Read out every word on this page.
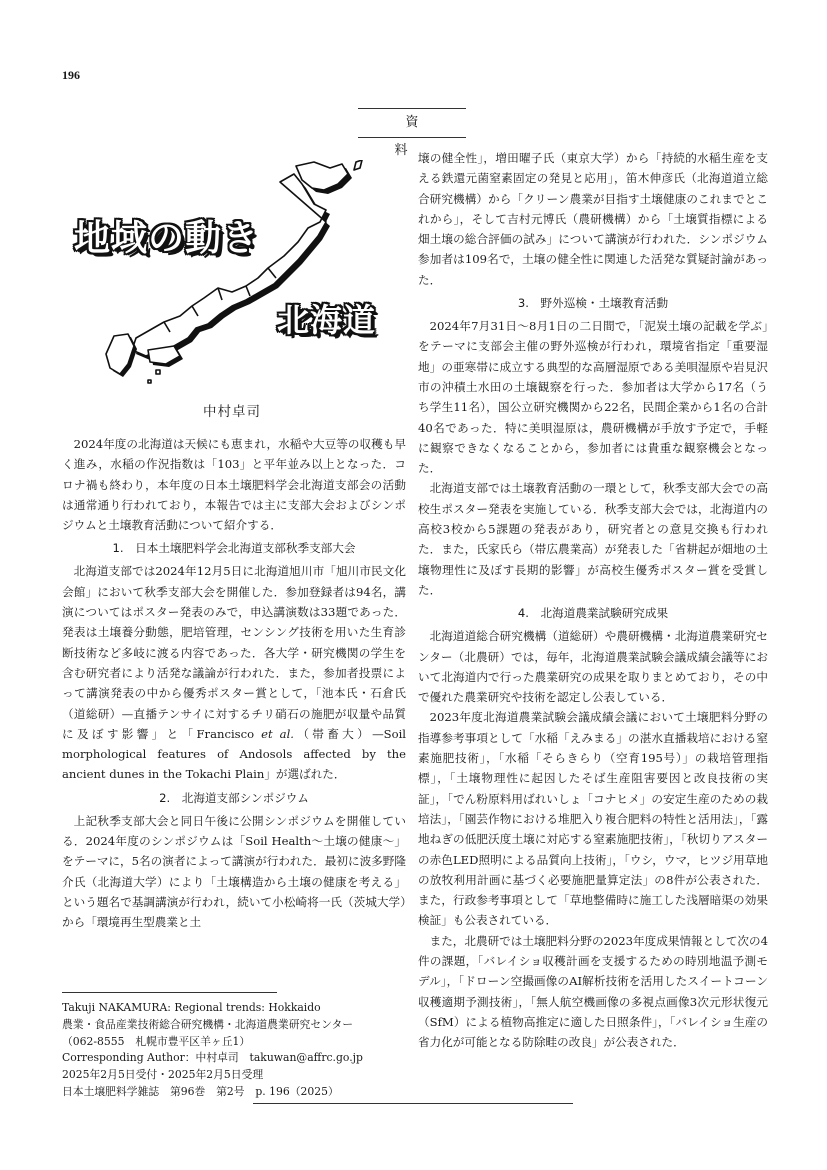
196
資　料
地域の動き
北海道
中村卓司

2024年度の北海道は天候にも恵まれ，水稲や大豆等の収穫も早く進み，水稲の作況指数は「103」と平年並み以上となった．コロナ禍も終わり，本年度の日本土壌肥料学会北海道支部会の活動は通常通り行われており，本報告では主に支部大会およびシンポジウムと土壌教育活動について紹介する．

1.　日本土壌肥料学会北海道支部秋季支部大会

北海道支部では2024年12月5日に北海道旭川市「旭川市民文化会館」において秋季支部大会を開催した．参加登録者は94名，講演についてはポスター発表のみで，申込講演数は33題であった．発表は土壌養分動態，肥培管理，センシング技術を用いた生育診断技術など多岐に渡る内容であった．各大学・研究機関の学生を含む研究者により活発な議論が行われた．また，参加者投票によって講演発表の中から優秀ポスター賞として，「池本氏・石倉氏（道総研）—直播テンサイに対するチリ硝石の施肥が収量や品質に及ぼす影響」と「Francisco et al.（帯畜大）—Soil morphological features of Andosols affected by the ancient dunes in the Tokachi Plain」が選ばれた．

2.　北海道支部シンポジウム

上記秋季支部大会と同日午後に公開シンポジウムを開催している．2024年度のシンポジウムは「Soil Health〜土壌の健康〜」をテーマに，5名の演者によって講演が行われた．最初に波多野隆介氏（北海道大学）により「土壌構造から土壌の健康を考える」という題名で基調講演が行われ，続いて小松崎将一氏（茨城大学）から「環境再生型農業と土

壌の健全性」，増田曜子氏（東京大学）から「持続的水稲生産を支える鉄還元菌窒素固定の発見と応用」，笛木伸彦氏（北海道道立総合研究機構）から「クリーン農業が目指す土壌健康のこれまでとこれから」，そして吉村元博氏（農研機構）から「土壌質指標による畑土壌の総合評価の試み」について講演が行われた．シンポジウム参加者は109名で，土壌の健全性に関連した活発な質疑討論があった．

3.　野外巡検・土壌教育活動

2024年7月31日〜8月1日の二日間で，「泥炭土壌の記載を学ぶ」をテーマに支部会主催の野外巡検が行われ，環境省指定「重要湿地」の亜寒帯に成立する典型的な高層湿原である美唄湿原や岩見沢市の沖積土水田の土壌観察を行った．参加者は大学から17名（うち学生11名），国公立研究機関から22名，民間企業から1名の合計40名であった．特に美唄湿原は，農研機構が手放す予定で，手軽に観察できなくなることから，参加者には貴重な観察機会となった．

北海道支部では土壌教育活動の一環として，秋季支部大会での高校生ポスター発表を実施している．秋季支部大会では，北海道内の高校3校から5課題の発表があり，研究者との意見交換も行われた．また，氏家氏ら（帯広農業高）が発表した「省耕起が畑地の土壌物理性に及ぼす長期的影響」が高校生優秀ポスター賞を受賞した．

4.　北海道農業試験研究成果

北海道道総合研究機構（道総研）や農研機構・北海道農業研究センター（北農研）では，毎年，北海道農業試験会議成績会議等において北海道内で行った農業研究の成果を取りまとめており，その中で優れた農業研究や技術を認定し公表している．

2023年度北海道農業試験会議成績会議において土壌肥料分野の指導参考事項として「水稲「えみまる」の湛水直播栽培における窒素施肥技術」，「水稲「そらきらり（空育195号）」の栽培管理指標」，「土壌物理性に起因したそば生産阻害要因と改良技術の実証」，「でん粉原料用ばれいしょ「コナヒメ」の安定生産のための栽培法」，「園芸作物における堆肥入り複合肥料の特性と活用法」，「露地ねぎの低肥沃度土壌に対応する窒素施肥技術」，「秋切りアスターの赤色LED照明による品質向上技術」，「ウシ，ウマ，ヒツジ用草地の放牧利用計画に基づく必要施肥量算定法」の8件が公表された．また，行政参考事項として「草地整備時に施工した浅層暗渠の効果検証」も公表されている．

また，北農研では土壌肥料分野の2023年度成果情報として次の4件の課題，「バレイショ収穫計画を支援するための時別地温予測モデル」，「ドローン空撮画像のAI解析技術を活用したスイートコーン収穫適期予測技術」，「無人航空機画像の多視点画像3次元形状復元（SfM）による植物高推定に適した日照条件」，「バレイショ生産の省力化が可能となる防除畦の改良」が公表された．

Takuji NAKAMURA: Regional trends: Hokkaido
農業・食品産業技術総合研究機構・北海道農業研究センター
（062-8555　札幌市豊平区羊ヶ丘1）
Corresponding Author：中村卓司　takuwan@affrc.go.jp
2025年2月5日受付・2025年2月5日受理
日本土壌肥料学雑誌　第96巻　第2号　p. 196（2025）
